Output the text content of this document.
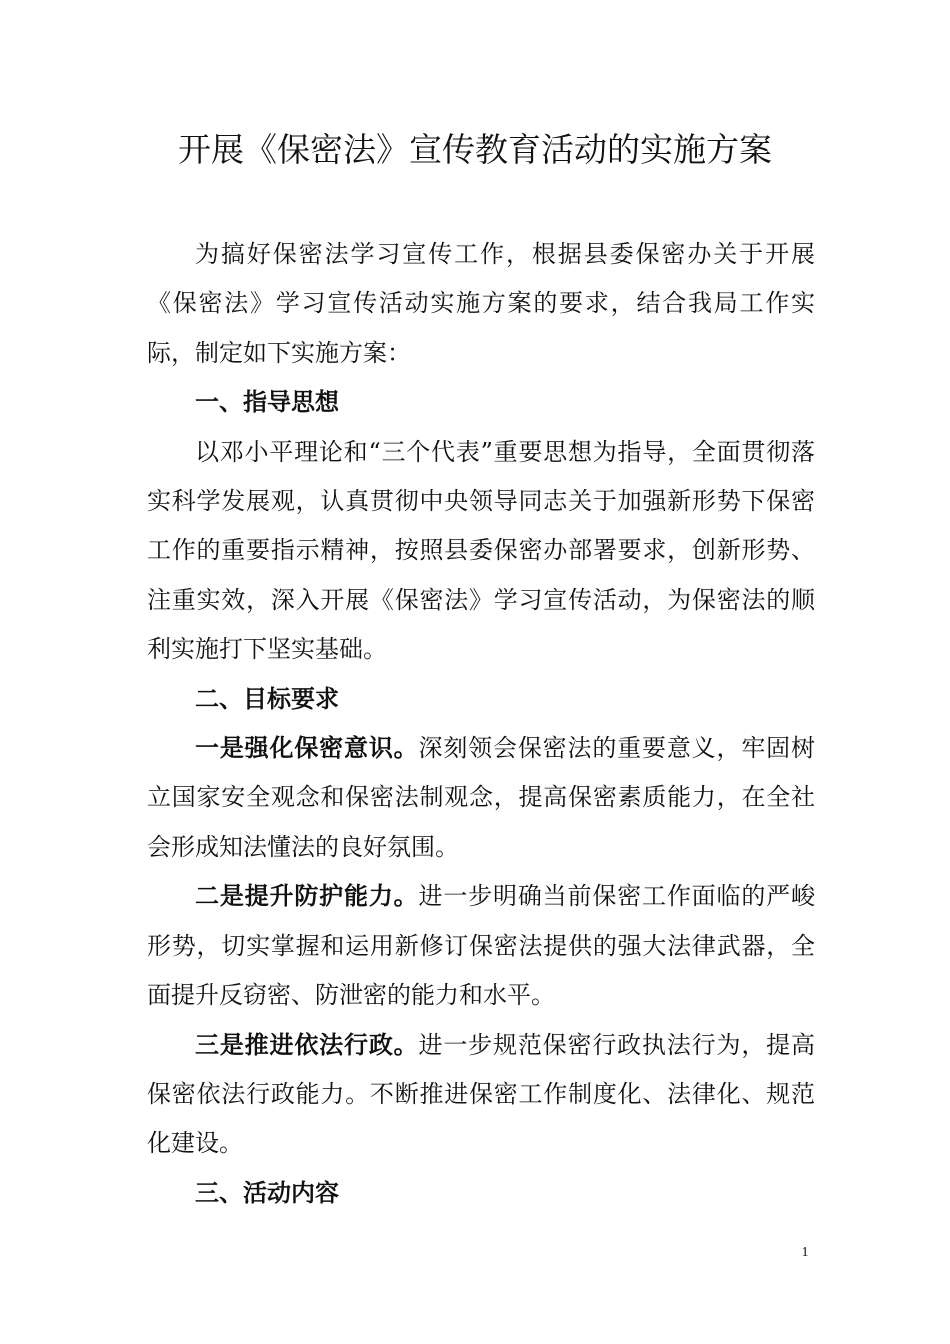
开展《保密法》宣传教育活动的实施方案

为搞好保密法学习宣传工作，根据县委保密办关于开展《保密法》学习宣传活动实施方案的要求，结合我局工作实际，制定如下实施方案：

一、指导思想

以邓小平理论和“三个代表”重要思想为指导，全面贯彻落实科学发展观，认真贯彻中央领导同志关于加强新形势下保密工作的重要指示精神，按照县委保密办部署要求，创新形势、注重实效，深入开展《保密法》学习宣传活动，为保密法的顺利实施打下坚实基础。

二、目标要求

一是强化保密意识。深刻领会保密法的重要意义，牢固树立国家安全观念和保密法制观念，提高保密素质能力，在全社会形成知法懂法的良好氛围。

二是提升防护能力。进一步明确当前保密工作面临的严峻形势，切实掌握和运用新修订保密法提供的强大法律武器，全面提升反窃密、防泄密的能力和水平。

三是推进依法行政。进一步规范保密行政执法行为，提高保密依法行政能力。不断推进保密工作制度化、法律化、规范化建设。

三、活动内容

1
